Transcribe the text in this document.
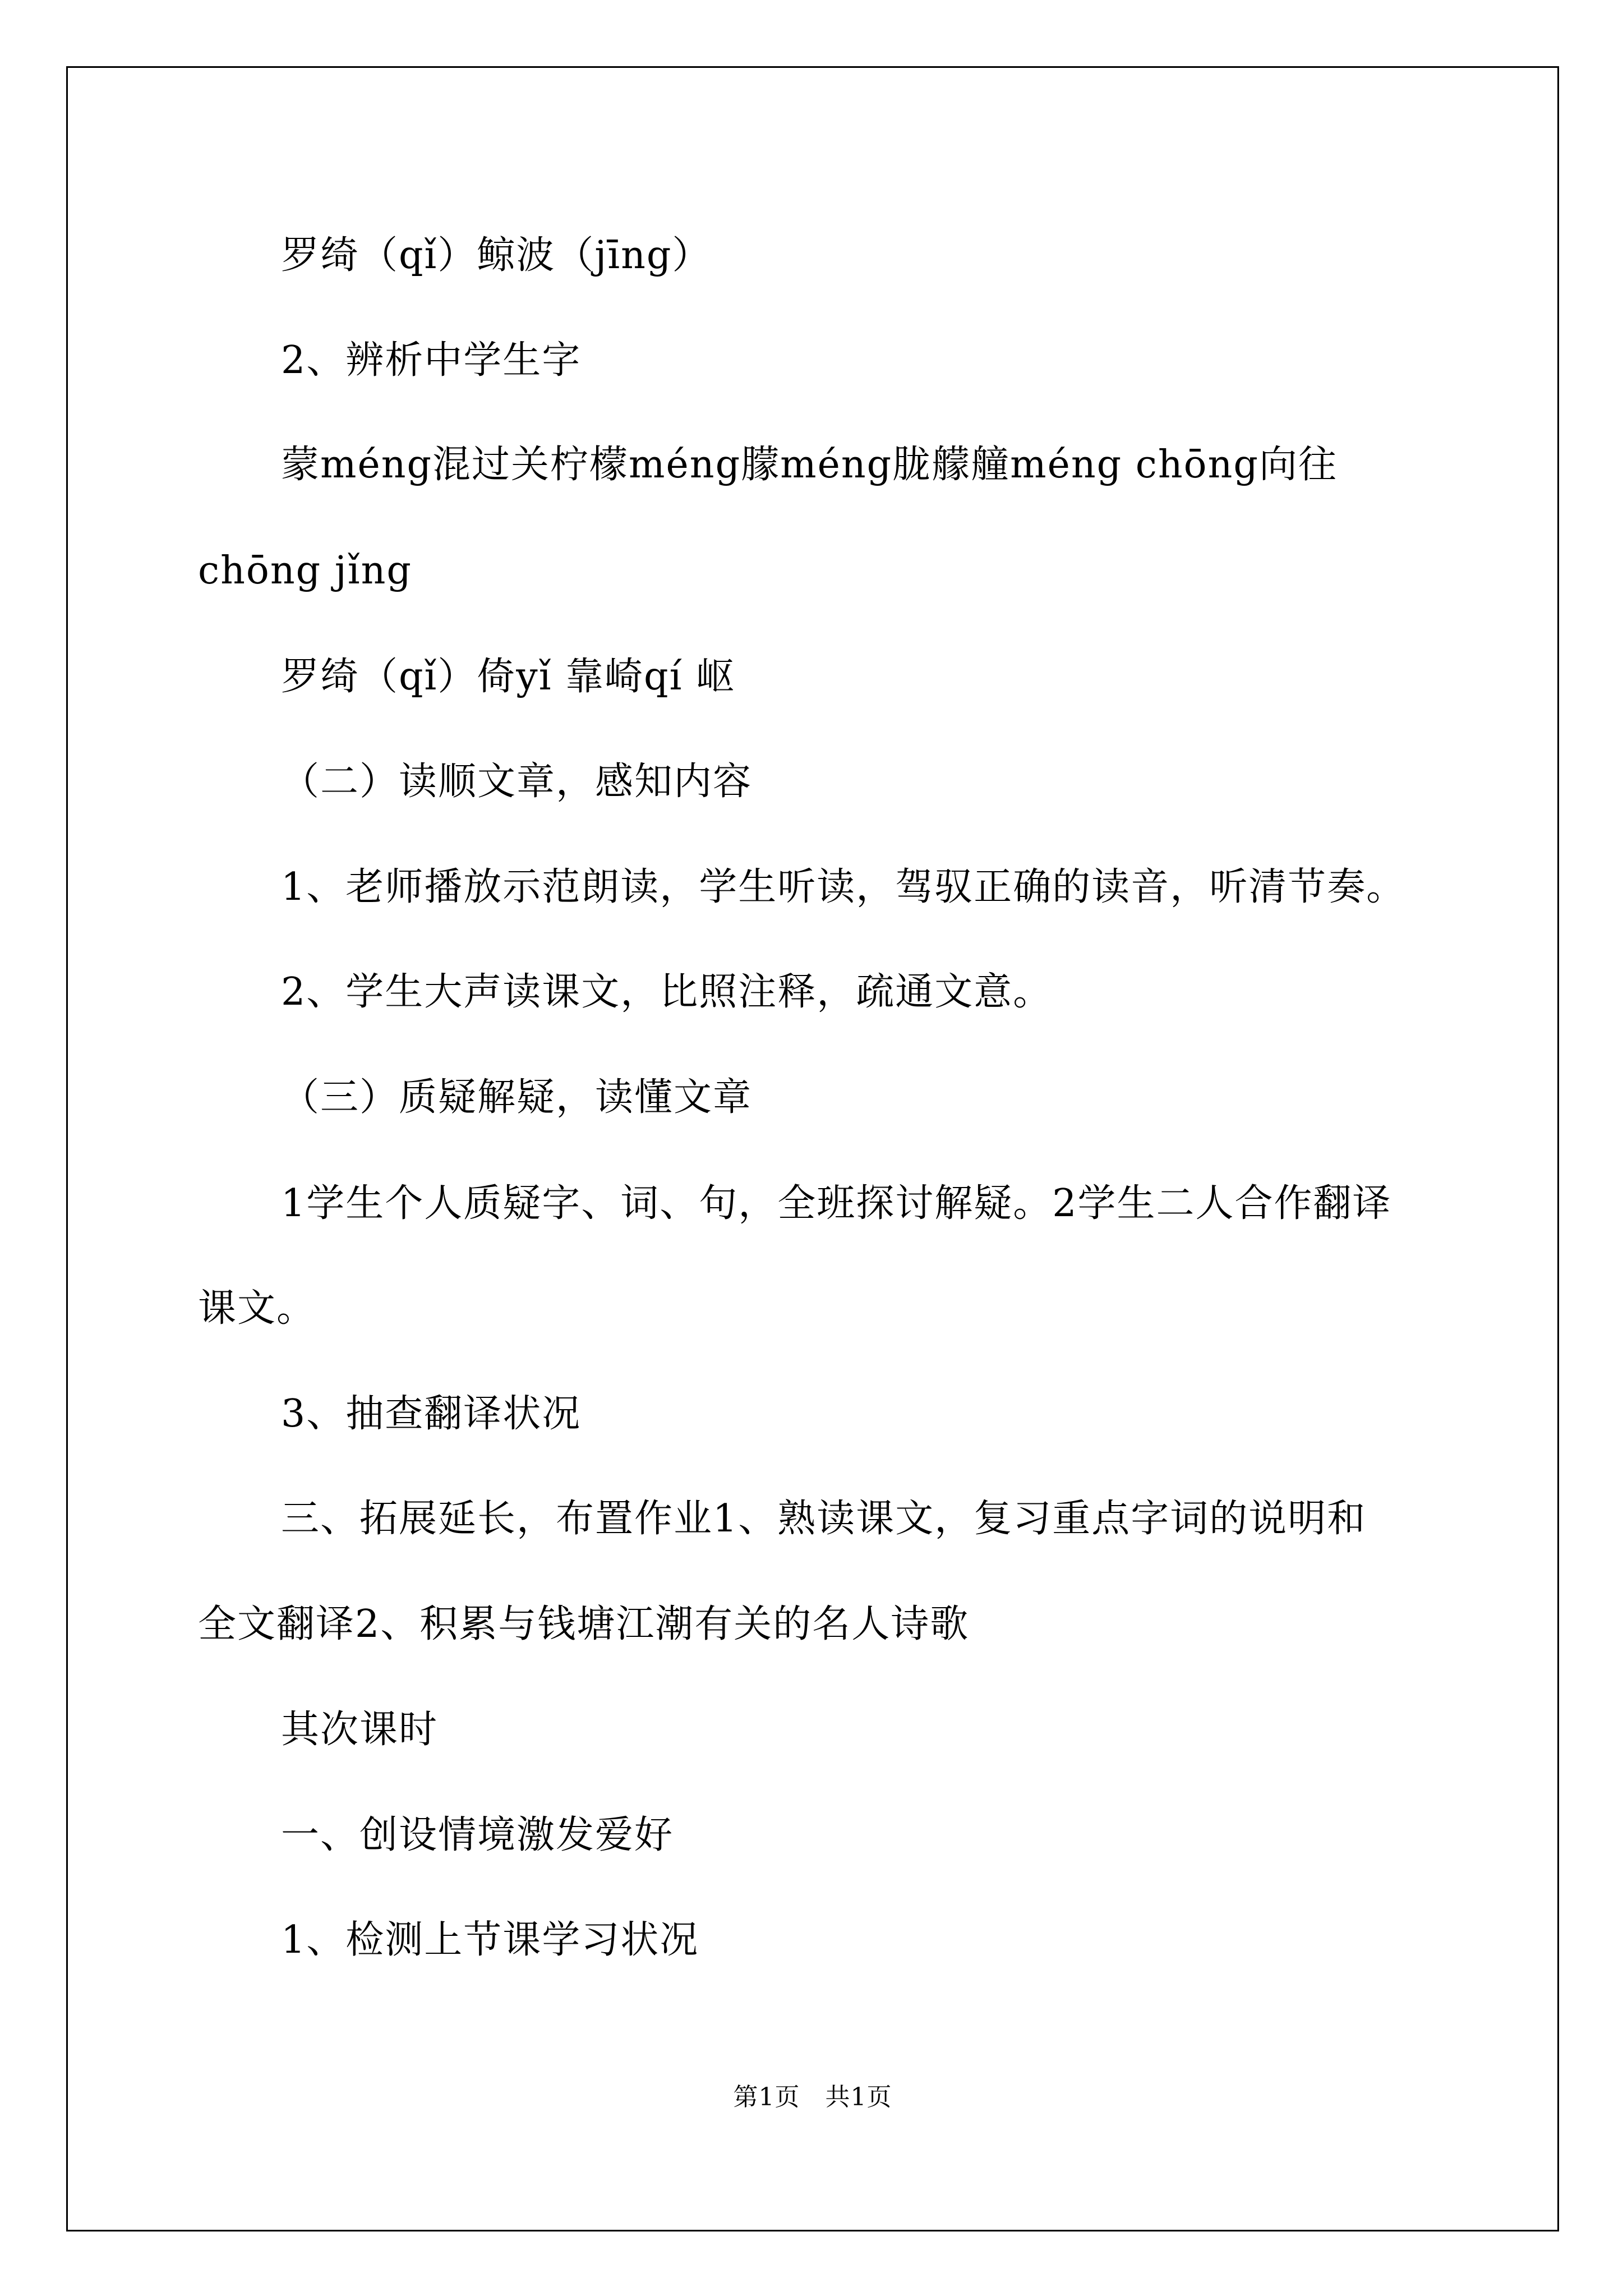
罗绮（qǐ）鲸波（jīng）
2、辨析中学生字
蒙méng混过关柠檬méng朦méng胧艨艟méng chōng向往
chōng jǐng
罗绮（qǐ）倚yǐ 靠崎qí 岖
（二）读顺文章，感知内容
1、老师播放示范朗读，学生听读，驾驭正确的读音，听清节奏。
2、学生大声读课文，比照注释，疏通文意。
（三）质疑解疑，读懂文章
1学生个人质疑字、词、句，全班探讨解疑。2学生二人合作翻译
课文。
3、抽查翻译状况
三、拓展延长，布置作业1、熟读课文，复习重点字词的说明和
全文翻译2、积累与钱塘江潮有关的名人诗歌
其次课时
一、创设情境激发爱好
1、检测上节课学习状况
第1页　共1页
